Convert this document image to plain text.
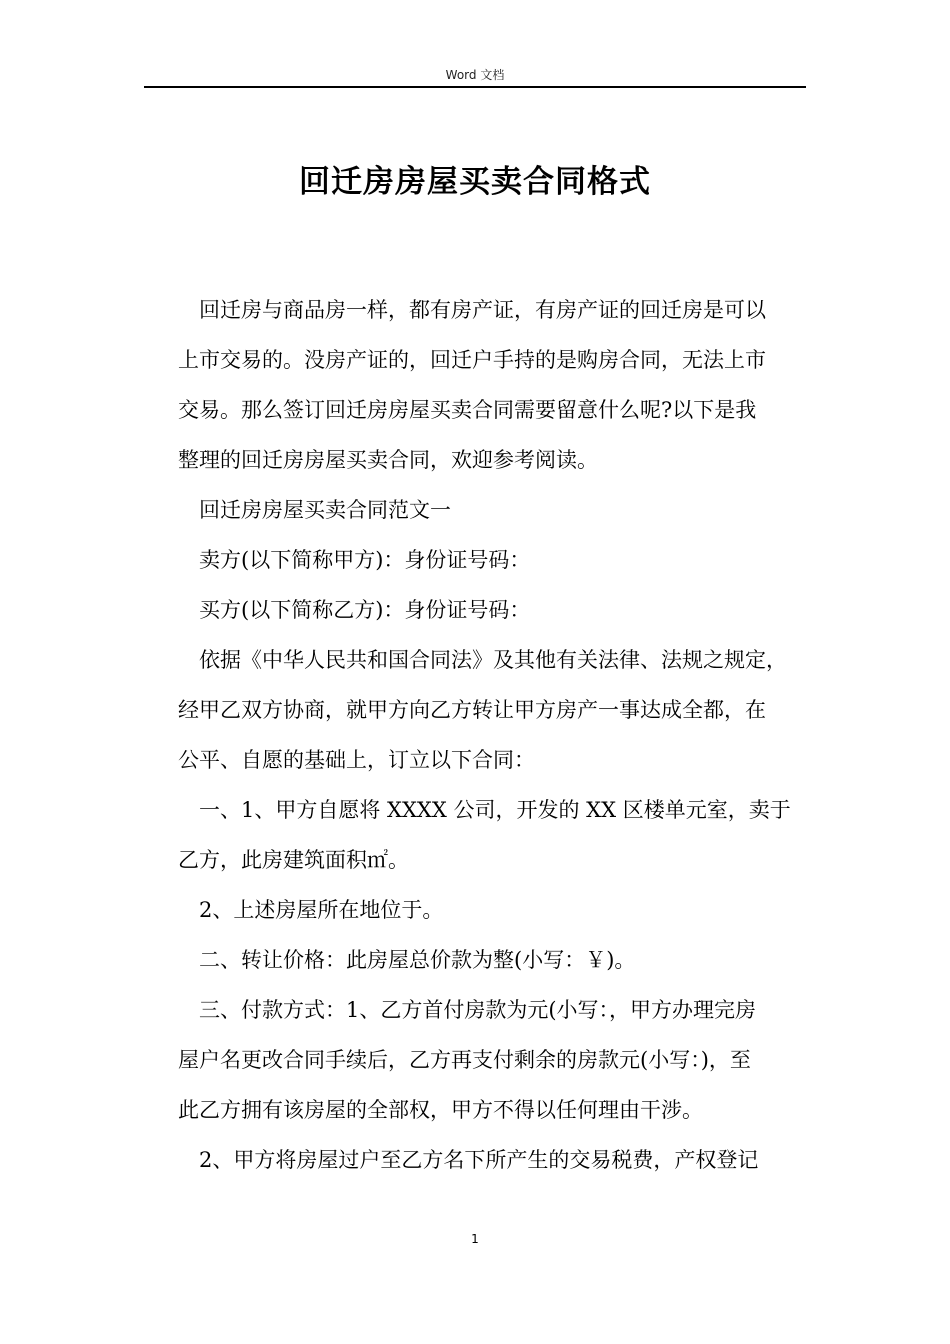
Word 文档
回迁房房屋买卖合同格式
回迁房与商品房一样，都有房产证，有房产证的回迁房是可以
上市交易的。没房产证的，回迁户手持的是购房合同，无法上市
交易。那么签订回迁房房屋买卖合同需要留意什么呢?以下是我
整理的回迁房房屋买卖合同，欢迎参考阅读。
回迁房房屋买卖合同范文一
卖方(以下简称甲方)：身份证号码：
买方(以下简称乙方)：身份证号码：
依据《中华人民共和国合同法》及其他有关法律、法规之规定，
经甲乙双方协商，就甲方向乙方转让甲方房产一事达成全都，在
公平、自愿的基础上，订立以下合同：
一、1、甲方自愿将 XXXX 公司，开发的 XX 区楼单元室，卖于
乙方，此房建筑面积㎡。
2、上述房屋所在地位于。
二、转让价格：此房屋总价款为整(小写：￥)。
三、付款方式：1、乙方首付房款为元(小写：，甲方办理完房
屋户名更改合同手续后，乙方再支付剩余的房款元(小写：)，至
此乙方拥有该房屋的全部权，甲方不得以任何理由干涉。
2、甲方将房屋过户至乙方名下所产生的交易税费，产权登记
1
